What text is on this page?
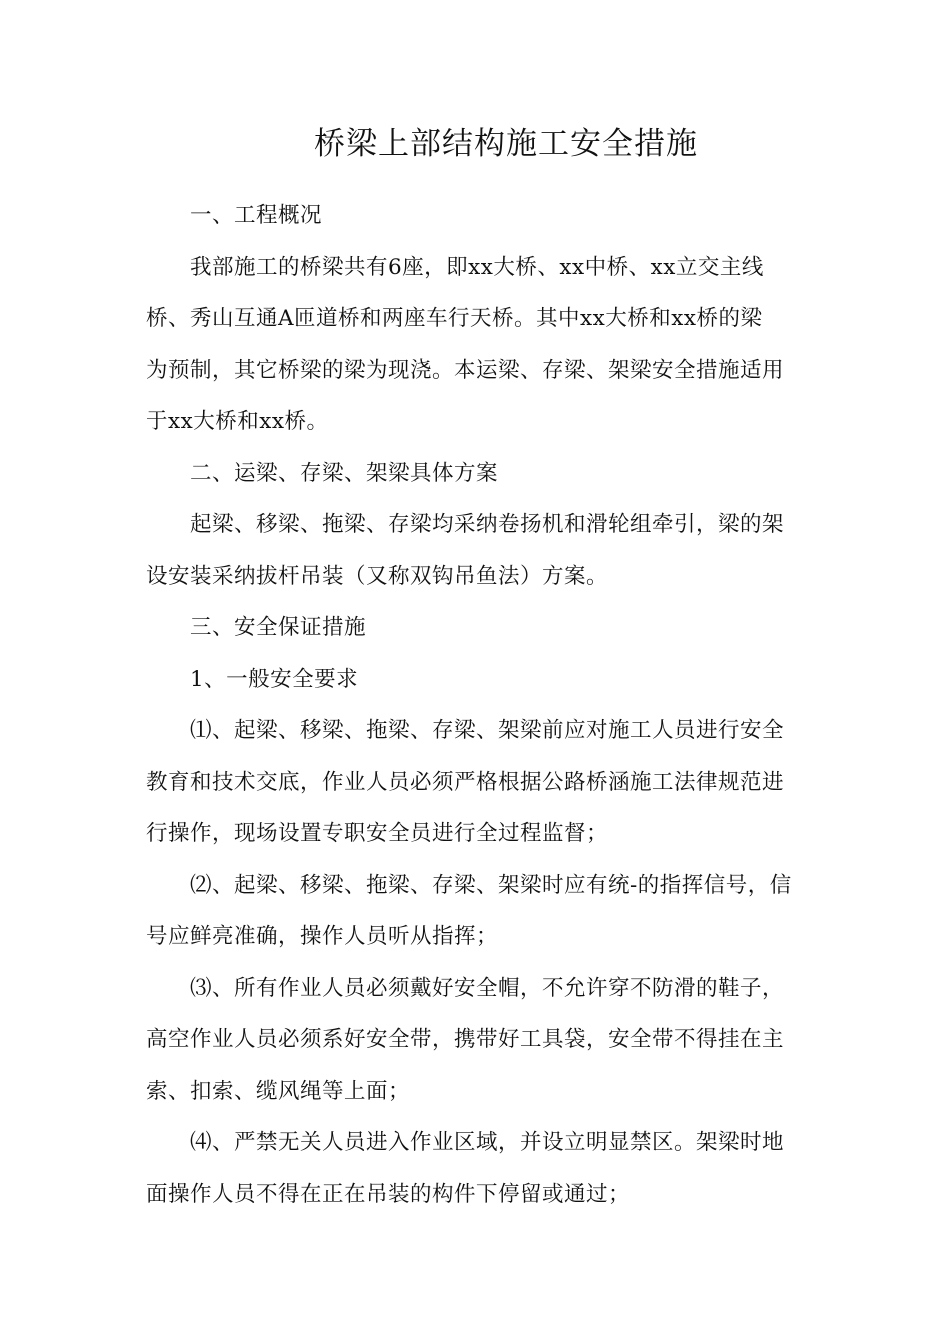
桥梁上部结构施工安全措施
一、工程概况
我部施工的桥梁共有6座，即xx大桥、xx中桥、xx立交主线
桥、秀山互通A匝道桥和两座车行天桥。其中xx大桥和xx桥的梁
为预制，其它桥梁的梁为现浇。本运梁、存梁、架梁安全措施适用
于xx大桥和xx桥。
二、运梁、存梁、架梁具体方案
起梁、移梁、拖梁、存梁均采纳卷扬机和滑轮组牵引，梁的架
设安装采纳拔杆吊装（又称双钩吊鱼法）方案。
三、安全保证措施
1、一般安全要求
⑴、起梁、移梁、拖梁、存梁、架梁前应对施工人员进行安全
教育和技术交底，作业人员必须严格根据公路桥涵施工法律规范进
行操作，现场设置专职安全员进行全过程监督；
⑵、起梁、移梁、拖梁、存梁、架梁时应有统-的指挥信号，信
号应鲜亮准确，操作人员听从指挥；
⑶、所有作业人员必须戴好安全帽，不允许穿不防滑的鞋子，
高空作业人员必须系好安全带，携带好工具袋，安全带不得挂在主
索、扣索、缆风绳等上面；
⑷、严禁无关人员进入作业区域，并设立明显禁区。架梁时地
面操作人员不得在正在吊装的构件下停留或通过；
